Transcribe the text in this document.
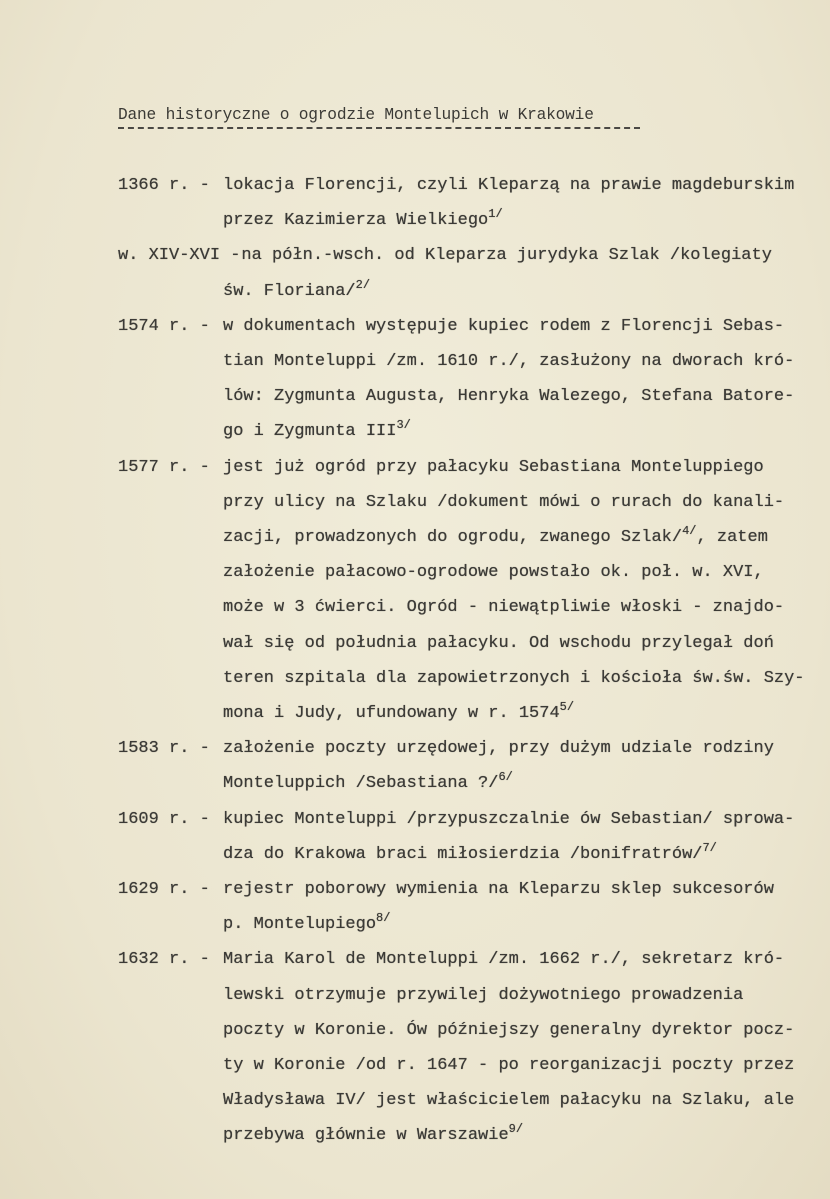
Dane historyczne o ogrodzie Montelupich w Krakowie
1366 r. - lokacja Florencji, czyli Kleparzą na prawie magdeburskim
przez Kazimierza Wielkiego$^{1/}$
w. XIV-XVI -
na półn.-wsch. od Kleparza jurydyka Szlak /kolegiaty
św. Floriana/$^{2/}$
1574 r. - w dokumentach występuje kupiec rodem z Florencji Sebas-
tian Monteluppi /zm. 1610 r./, zasłużony na dworach kró-
lów: Zygmunta Augusta, Henryka Walezego, Stefana Batore-
go i Zygmunta $III^{3/}$
1577 r. - jest już ogród przy pałacyku Sebastiana Monteluppiego
przy ulicy na Szlaku /dokument mówi o rurach do kanali-
zacji, prowadzonych do ogrodu, zwanego Szlak/$^{4/}$, zatem
założenie pałacowo-ogrodowe powstało ok. poł. w. XVI,
może w 3 ćwierci. Ogród - niewątpliwie włoski - znajdo-
wał się od południa pałacyku. Od wschodu przylegał doń
teren szpitala dla zapowietrzonych i kościoła św.św. Szy-
mona i Judy, ufundowany w r. $1574^{5/}$
1583 r. - założenie poczty urzędowej, przy dużym udziale rodziny
Monteluppich /Sebastiana ?/$^{6/}$
1609 r. - kupiec Monteluppi /przypuszczalnie ów Sebastian/ sprowa-
dza do Krakowa braci miłosierdzia /bonifratrów/$^{7/}$
1629 r. - rejestr poborowy wymienia na Kleparzu sklep sukcesorów
p. Montelupiego$^{8/}$
1632 r. - Maria Karol de Monteluppi /zm. 1662 r./, sekretarz kró-
lewski otrzymuje przywilej dożywotniego prowadzenia
poczty w Koronie. Ów późniejszy generalny dyrektor pocz-
ty w Koronie /od r. 1647 - po reorganizacji poczty przez
Władysława IV/ jest właścicielem pałacyku na Szlaku, ale
przebywa głównie w Warszawie$^{9/}$
